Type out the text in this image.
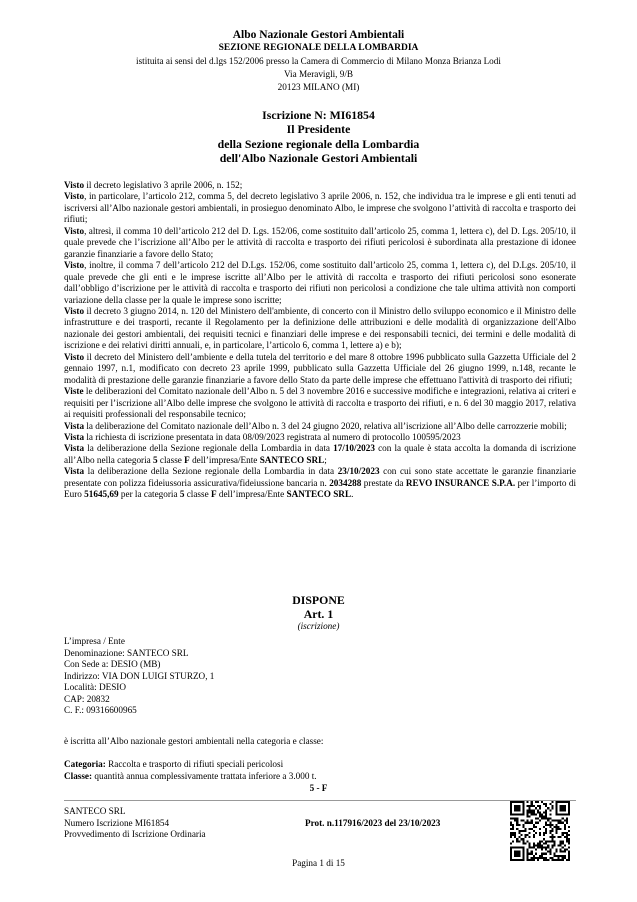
Albo Nazionale Gestori Ambientali
SEZIONE REGIONALE DELLA LOMBARDIA
istituita ai sensi del d.lgs 152/2006 presso la Camera di Commercio di Milano Monza Brianza Lodi
Via Meravigli, 9/B
20123 MILANO (MI)
Iscrizione N: MI61854
Il Presidente
della Sezione regionale della Lombardia
dell'Albo Nazionale Gestori Ambientali

Visto il decreto legislativo 3 aprile 2006, n. 152;

Visto, in particolare, l’articolo 212, comma 5, del decreto legislativo 3 aprile 2006, n. 152, che individua tra le imprese e gli enti tenuti ad iscriversi all’Albo nazionale gestori ambientali, in prosieguo denominato Albo, le imprese che svolgono l’attività di raccolta e trasporto dei rifiuti;

Visto, altresì, il comma 10 dell’articolo 212 del D. Lgs. 152/06, come sostituito dall’articolo 25, comma 1, lettera c), del D. Lgs. 205/10, il quale prevede che l’iscrizione all’Albo per le attività di raccolta e trasporto dei rifiuti pericolosi è subordinata alla prestazione di idonee garanzie finanziarie a favore dello Stato;

Visto, inoltre, il comma 7 dell’articolo 212 del D.Lgs. 152/06, come sostituito dall’articolo 25, comma 1, lettera c), del D.Lgs. 205/10, il quale prevede che gli enti e le imprese iscritte all’Albo per le attività di raccolta e trasporto dei rifiuti pericolosi sono esonerate dall’obbligo d’iscrizione per le attività di raccolta e trasporto dei rifiuti non pericolosi a condizione che tale ultima attività non comporti variazione della classe per la quale le imprese sono iscritte;

Visto il decreto 3 giugno 2014, n. 120 del Ministero dell'ambiente, di concerto con il Ministro dello sviluppo economico e il Ministro delle infrastrutture e dei trasporti, recante il Regolamento per la definizione delle attribuzioni e delle modalità di organizzazione dell'Albo nazionale dei gestori ambientali, dei requisiti tecnici e finanziari delle imprese e dei responsabili tecnici, dei termini e delle modalità di iscrizione e dei relativi diritti annuali, e, in particolare, l’articolo 6, comma 1, lettere a) e b);

Visto il decreto del Ministero dell’ambiente e della tutela del territorio e del mare 8 ottobre 1996 pubblicato sulla Gazzetta Ufficiale del 2 gennaio 1997, n.1, modificato con decreto 23 aprile 1999, pubblicato sulla Gazzetta Ufficiale del 26 giugno 1999, n.148, recante le modalità di prestazione delle garanzie finanziarie a favore dello Stato da parte delle imprese che effettuano l'attività di trasporto dei rifiuti;

Viste le deliberazioni del Comitato nazionale dell’Albo n. 5 del 3 novembre 2016 e successive modifiche e integrazioni, relativa ai criteri e requisiti per l’iscrizione all’Albo delle imprese che svolgono le attività di raccolta e trasporto dei rifiuti, e n. 6 del 30 maggio 2017, relativa ai requisiti professionali del responsabile tecnico;

Vista la deliberazione del Comitato nazionale dell’Albo n. 3 del 24 giugno 2020, relativa all’iscrizione all’Albo delle carrozzerie mobili;

Vista la richiesta di iscrizione presentata in data 08/09/2023 registrata al numero di protocollo 100595/2023

Vista la deliberazione della Sezione regionale della Lombardia in data 17/10/2023 con la quale è stata accolta la domanda di iscrizione all’Albo nella categoria 5 classe F dell’impresa/Ente SANTECO SRL;

Vista la deliberazione della Sezione regionale della Lombardia in data 23/10/2023 con cui sono state accettate le garanzie finanziarie presentate con polizza fideiussoria assicurativa/fideiussione bancaria n. 2034288 prestate da REVO INSURANCE S.P.A. per l’importo di Euro 51645,69 per la categoria 5 classe F dell’impresa/Ente SANTECO SRL.

DISPONE
Art. 1
(iscrizione)
L’impresa / Ente
Denominazione: SANTECO SRL
Con Sede a: DESIO (MB)
Indirizzo: VIA DON LUIGI STURZO, 1
Località: DESIO
CAP: 20832
C. F.: 09316600965
è iscritta all’Albo nazionale gestori ambientali nella categoria e classe:
Categoria: Raccolta e trasporto di rifiuti speciali pericolosi
Classe: quantità annua complessivamente trattata inferiore a 3.000 t.
5 - F
SANTECO SRL
Numero Iscrizione MI61854
Provvedimento di Iscrizione Ordinaria
Prot. n.117916/2023 del 23/10/2023
Pagina 1 di 15
